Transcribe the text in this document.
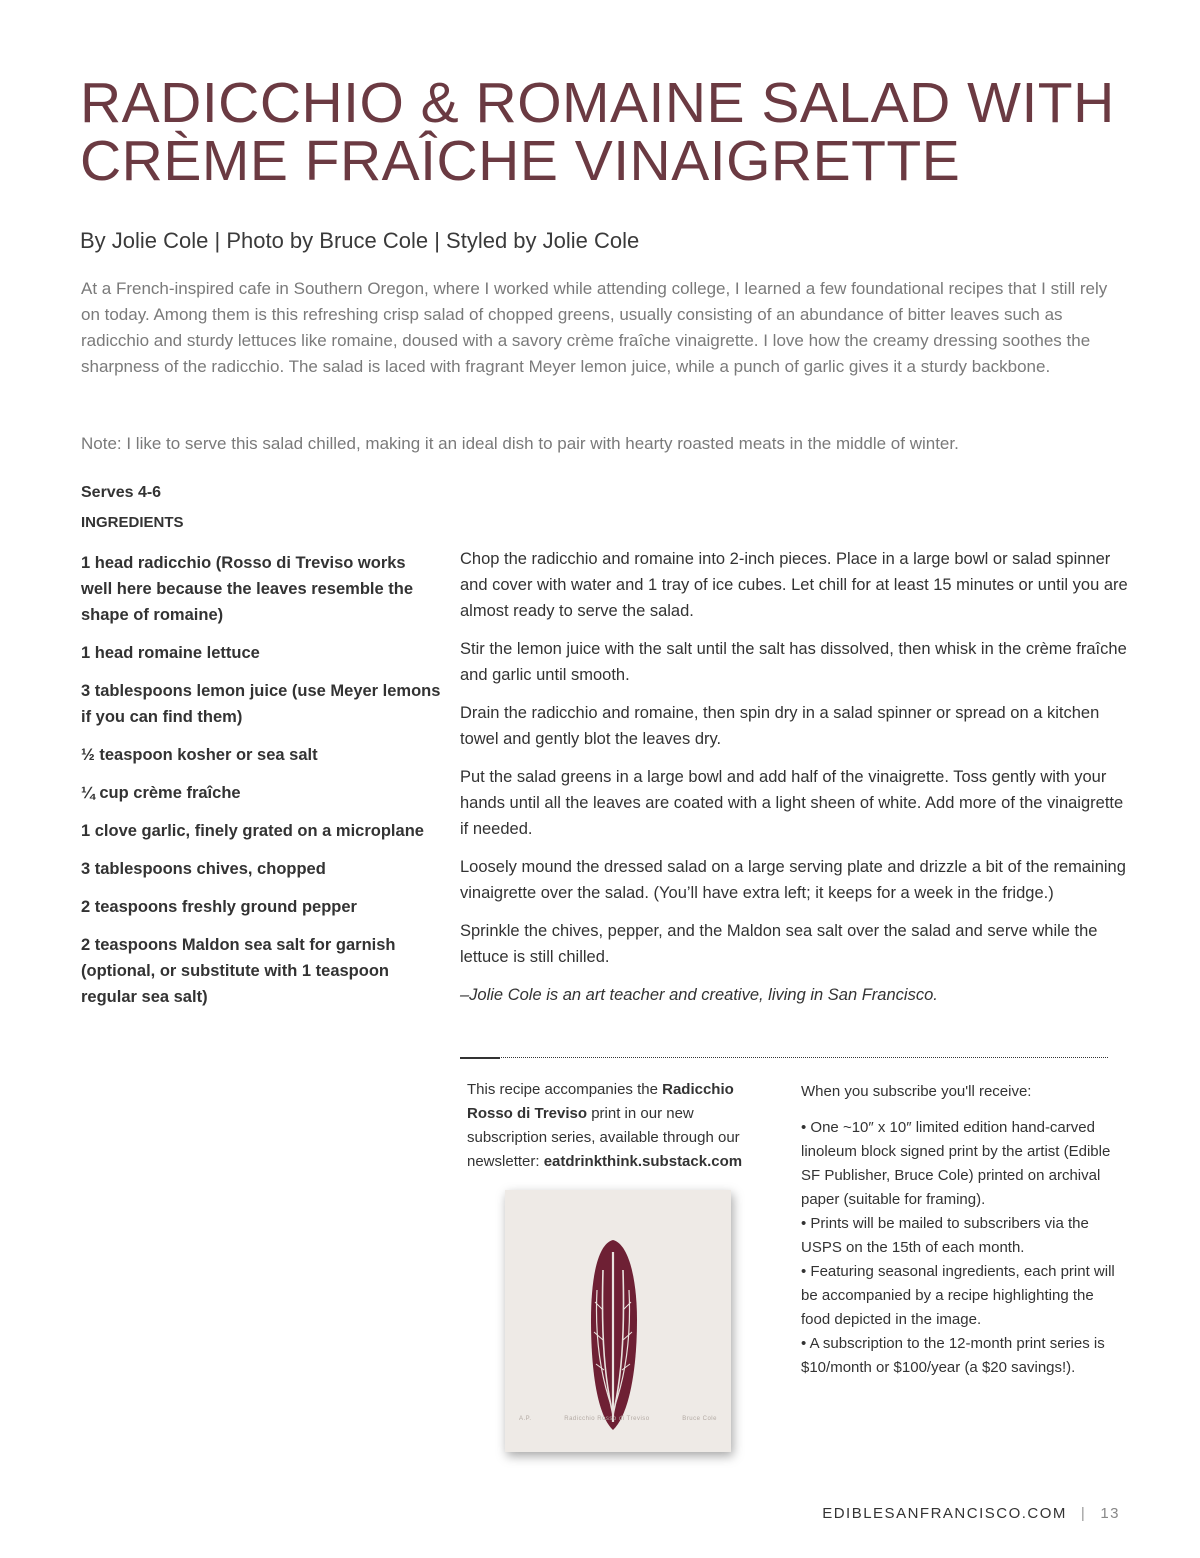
RADICCHIO & ROMAINE SALAD WITH
CRÈME FRAÎCHE VINAIGRETTE

By Jolie Cole | Photo by Bruce Cole | Styled by Jolie Cole

At a French-inspired cafe in Southern Oregon, where I worked while attending college, I learned a few foundational recipes that I still rely on today. Among them is this refreshing crisp salad of chopped greens, usually consisting of an abundance of bitter leaves such as radicchio and sturdy lettuces like romaine, doused with a savory crème fraîche vinaigrette. I love how the creamy dressing soothes the sharpness of the radicchio. The salad is laced with fragrant Meyer lemon juice, while a punch of garlic gives it a sturdy backbone.

Note: I like to serve this salad chilled, making it an ideal dish to pair with hearty roasted meats in the middle of winter.

Serves 4-6

INGREDIENTS

1 head radicchio (Rosso di Treviso works well here because the leaves resemble the shape of romaine)
1 head romaine lettuce
3 tablespoons lemon juice (use Meyer lemons if you can find them)
½ teaspoon kosher or sea salt
¼ cup crème fraîche
1 clove garlic, finely grated on a microplane
3 tablespoons chives, chopped
2 teaspoons freshly ground pepper
2 teaspoons Maldon sea salt for garnish (optional, or substitute with 1 teaspoon regular sea salt)

Chop the radicchio and romaine into 2-inch pieces. Place in a large bowl or salad spinner and cover with water and 1 tray of ice cubes. Let chill for at least 15 minutes or until you are almost ready to serve the salad.

Stir the lemon juice with the salt until the salt has dissolved, then whisk in the crème fraîche and garlic until smooth.

Drain the radicchio and romaine, then spin dry in a salad spinner or spread on a kitchen towel and gently blot the leaves dry.

Put the salad greens in a large bowl and add half of the vinaigrette. Toss gently with your hands until all the leaves are coated with a light sheen of white. Add more of the vinaigrette if needed.

Loosely mound the dressed salad on a large serving plate and drizzle a bit of the remaining vinaigrette over the salad. (You’ll have extra left; it keeps for a week in the fridge.)

Sprinkle the chives, pepper, and the Maldon sea salt over the salad and serve while the lettuce is still chilled.

–Jolie Cole is an art teacher and creative, living in San Francisco.

This recipe accompanies the Radicchio Rosso di Treviso print in our new subscription series, available through our newsletter: eatdrinkthink.substack.com

A.P.	Radicchio Rosso di Treviso	Bruce Cole

When you subscribe you'll receive:

• One ~10″ x 10″ limited edition hand-carved linoleum block signed print by the artist (Edible SF Publisher, Bruce Cole) printed on archival paper (suitable for framing).
• Prints will be mailed to subscribers via the USPS on the 15th of each month.
• Featuring seasonal ingredients, each print will be accompanied by a recipe highlighting the food depicted in the image.
• A subscription to the 12-month print series is $10/month or $100/year (a $20 savings!).
EDIBLESANFRANCISCO.COM | 13
